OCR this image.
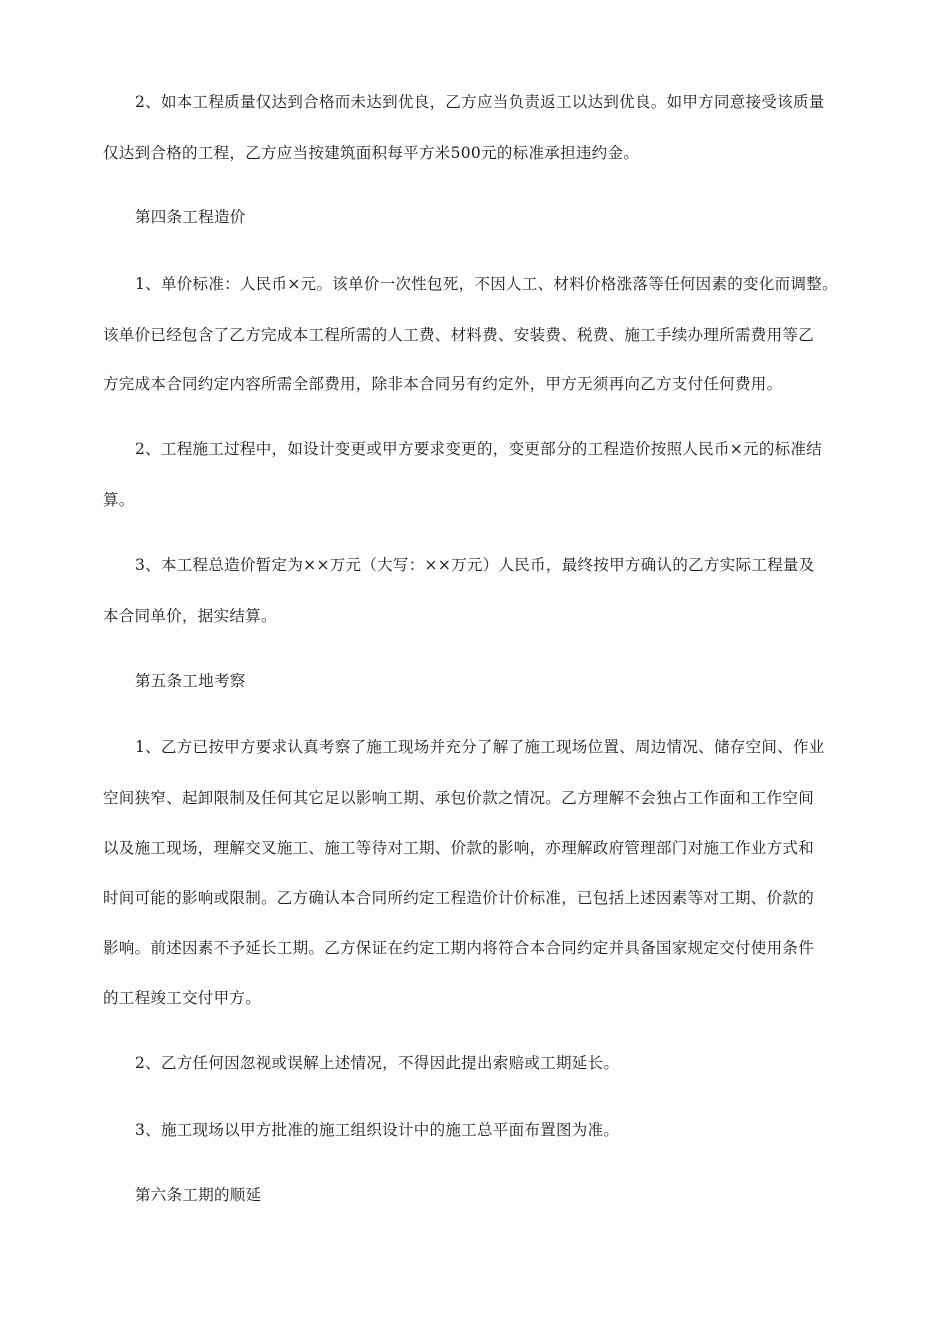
2、如本工程质量仅达到合格而未达到优良，乙方应当负责返工以达到优良。如甲方同意接受该质量
仅达到合格的工程，乙方应当按建筑面积每平方米500元的标准承担违约金。
第四条工程造价
1、单价标准：人民币×元。该单价一次性包死，不因人工、材料价格涨落等任何因素的变化而调整。
该单价已经包含了乙方完成本工程所需的人工费、材料费、安装费、税费、施工手续办理所需费用等乙
方完成本合同约定内容所需全部费用，除非本合同另有约定外，甲方无须再向乙方支付任何费用。
2、工程施工过程中，如设计变更或甲方要求变更的，变更部分的工程造价按照人民币×元的标准结
算。
3、本工程总造价暂定为××万元（大写：××万元）人民币，最终按甲方确认的乙方实际工程量及
本合同单价，据实结算。
第五条工地考察
1、乙方已按甲方要求认真考察了施工现场并充分了解了施工现场位置、周边情况、储存空间、作业
空间狭窄、起卸限制及任何其它足以影响工期、承包价款之情况。乙方理解不会独占工作面和工作空间
以及施工现场，理解交叉施工、施工等待对工期、价款的影响，亦理解政府管理部门对施工作业方式和
时间可能的影响或限制。乙方确认本合同所约定工程造价计价标准，已包括上述因素等对工期、价款的
影响。前述因素不予延长工期。乙方保证在约定工期内将符合本合同约定并具备国家规定交付使用条件
的工程竣工交付甲方。
2、乙方任何因忽视或误解上述情况，不得因此提出索赔或工期延长。
3、施工现场以甲方批准的施工组织设计中的施工总平面布置图为准。
第六条工期的顺延
